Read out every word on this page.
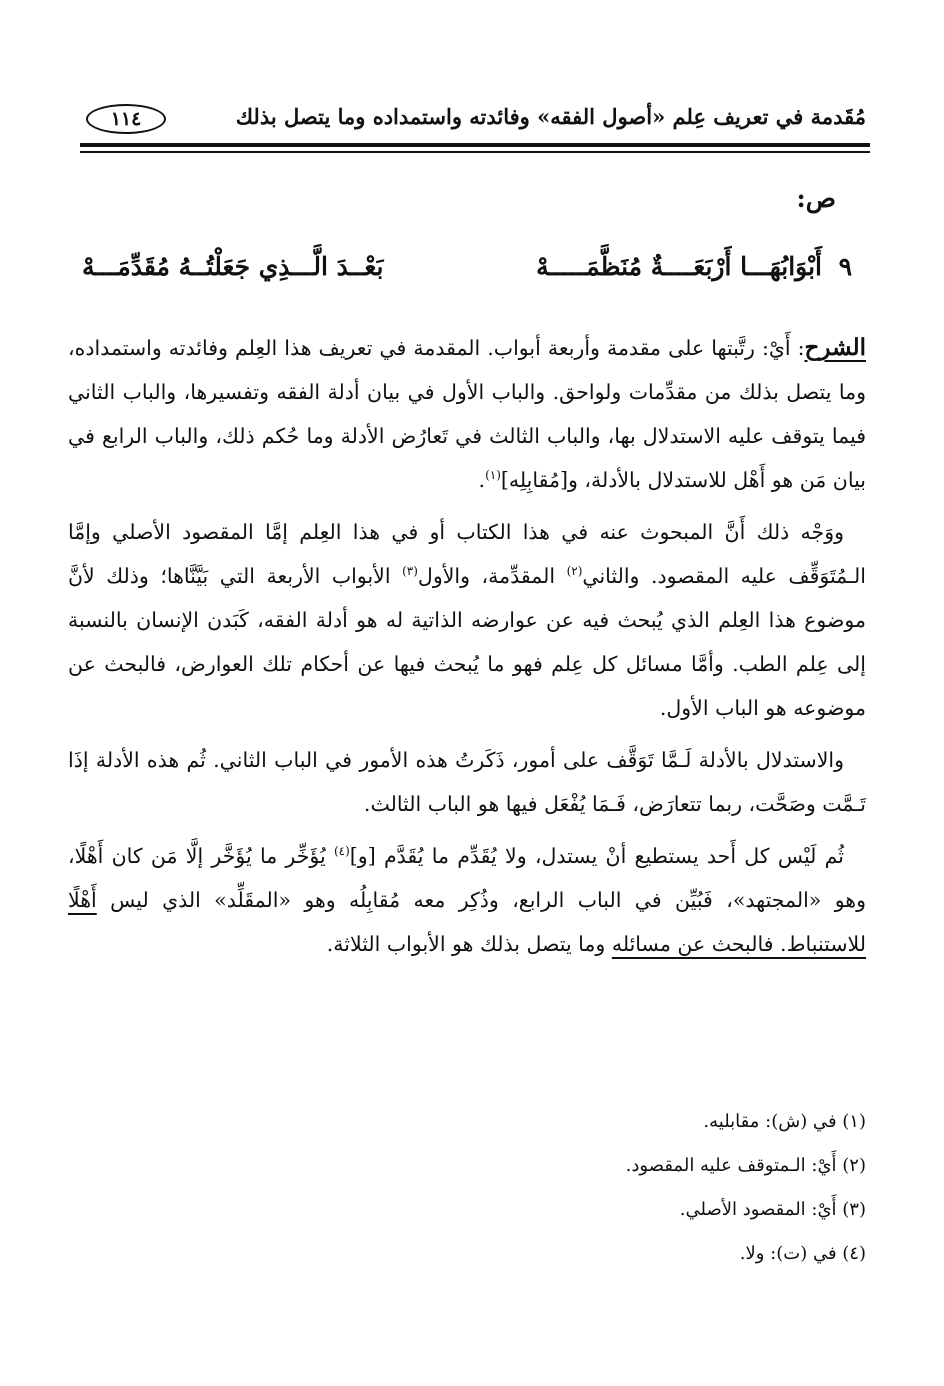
مُقَدمة في تعريف عِلم «أصول الفقه» وفائدته واستمداده وما يتصل بذلك
١١٤
ص:
٩
أَبْوَابُهَـــا أَرْبَعَــــةٌ مُنَظَّمَـــــهْ
بَعْــدَ الَّـــذِي جَعَلْتُــهُ مُقَدِّمَـــهْ

الشرح: أَيْ: رتَّبتها على مقدمة وأربعة أبواب. المقدمة في تعريف هذا العِلم وفائدته واستمداده، وما يتصل بذلك من مقدِّمات ولواحق. والباب الأول في بيان أدلة الفقه وتفسيرها، والباب الثاني فيما يتوقف عليه الاستدلال بها، والباب الثالث في تَعارُض الأدلة وما حُكم ذلك، والباب الرابع في بيان مَن هو أَهْل للاستدلال بالأدلة، و[مُقابِلِه]$^{(١)}$.

ووَجْه ذلك أَنَّ المبحوث عنه في هذا الكتاب أو في هذا العِلم إمَّا المقصود الأصلي وإمَّا الـمُتَوَقِّف عليه المقصود. والثاني$^{(٢)}$ المقدِّمة، والأول$^{(٣)}$ الأبواب الأربعة التي بَيَّنَّاها؛ وذلك لأنَّ موضوع هذا العِلم الذي يُبحث فيه عن عوارضه الذاتية له هو أدلة الفقه، كَبَدن الإنسان بالنسبة إلى عِلم الطب. وأمَّا مسائل كل عِلم فهو ما يُبحث فيها عن أحكام تلك العوارض، فالبحث عن موضوعه هو الباب الأول.

والاستدلال بالأدلة لَـمَّا تَوَقَّف على أمور، ذَكَرتُ هذه الأمور في الباب الثاني. ثُم هذه الأدلة إذَا تَـمَّت وصَحَّت، ربما تتعارَض، فَـمَا يُفْعَل فيها هو الباب الثالث.

ثُم لَيْس كل أَحد يستطيع أنْ يستدل، ولا يُقَدِّم ما يُقَدَّم [و]$^{(٤)}$ يُؤَخِّر ما يُؤَخَّر إلَّا مَن كان أَهْلًا، وهو «المجتهد»، فَبُيِّن في الباب الرابع، وذُكِر معه مُقابِلُه وهو «المقَلِّد» الذي ليس أَهْلًا للاستنباط. فالبحث عن مسائله وما يتصل بذلك هو الأبواب الثلاثة.

(١) في (ش): مقابليه.
(٢) أَيْ: الـمتوقف عليه المقصود.
(٣) أَيْ: المقصود الأصلي.
(٤) في (ت): ولا.
